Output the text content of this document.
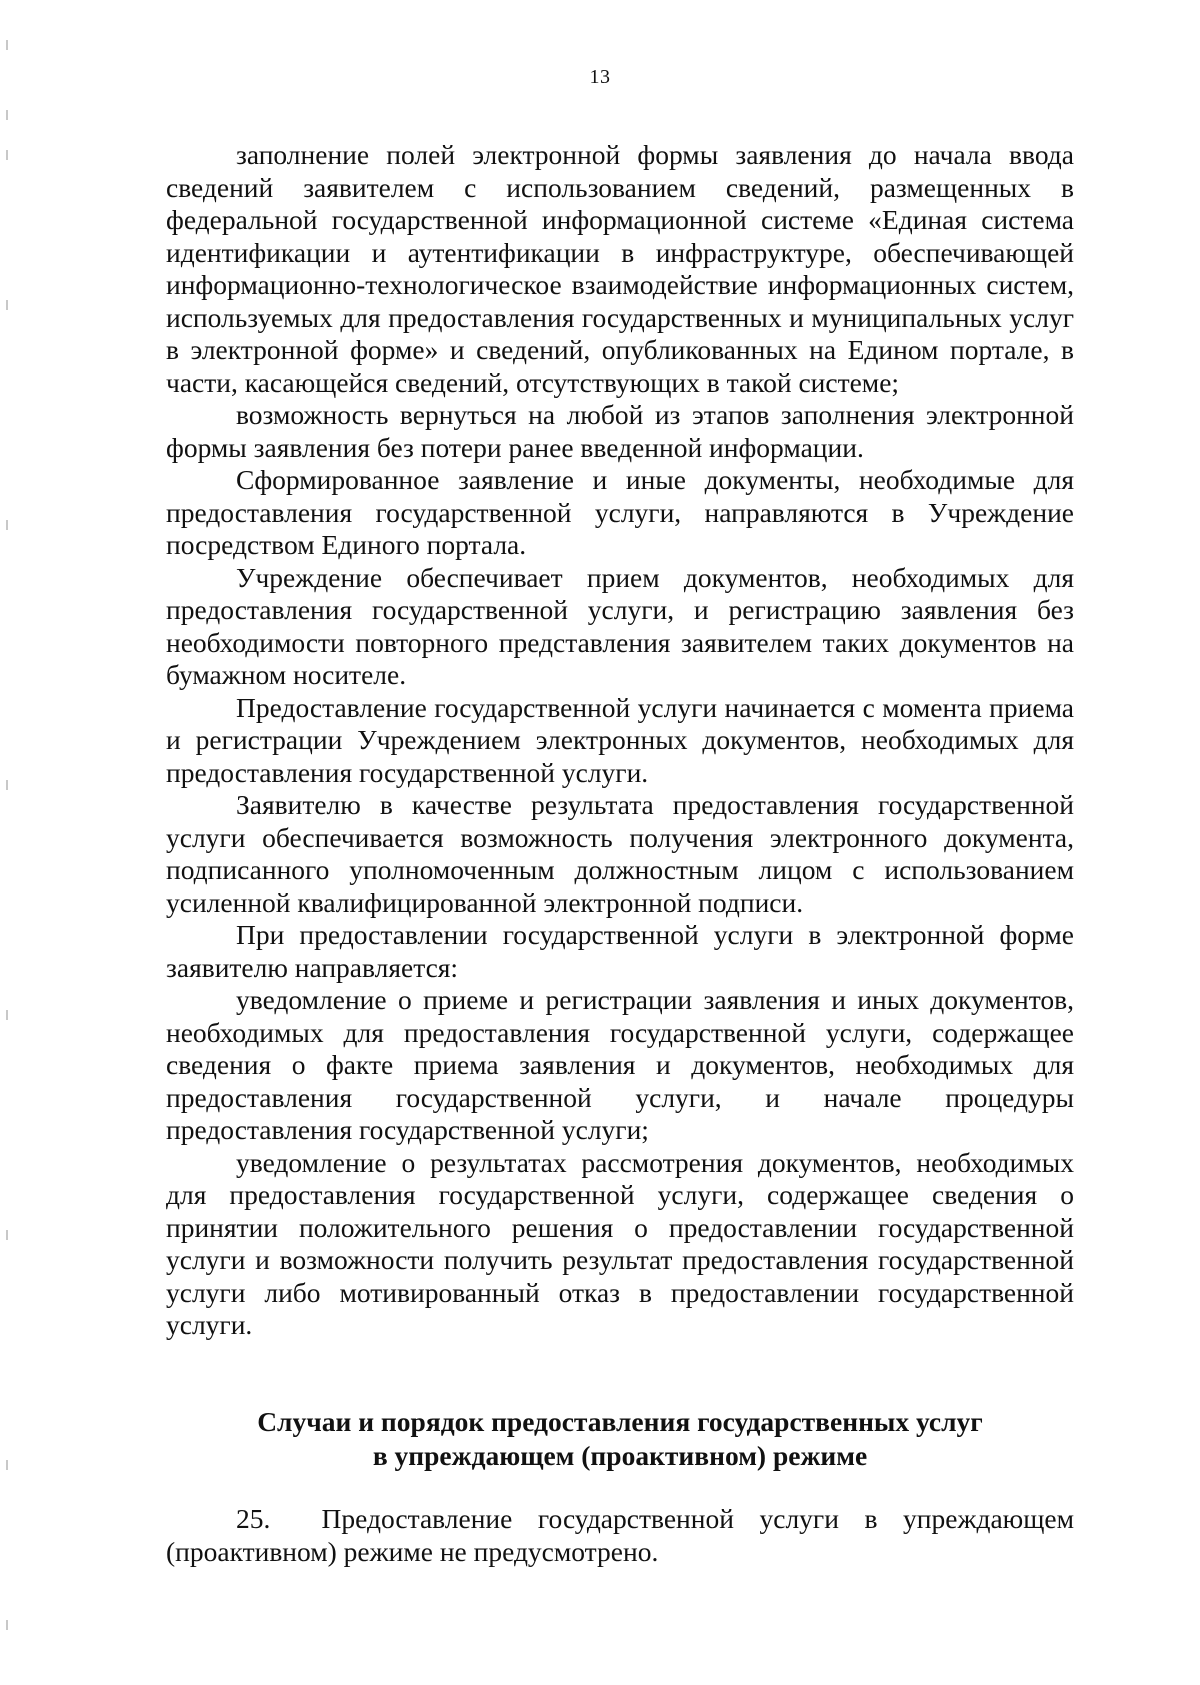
13

заполнение полей электронной формы заявления до начала ввода сведений заявителем с использованием сведений, размещенных в федеральной государственной информационной системе «Единая система идентификации и аутентификации в инфраструктуре, обеспечивающей информационно-технологическое взаимодействие информационных систем, используемых для предоставления государственных и муниципальных услуг в электронной форме» и сведений, опубликованных на Едином портале, в части, касающейся сведений, отсутствующих в такой системе;

возможность вернуться на любой из этапов заполнения электронной формы заявления без потери ранее введенной информации.

Сформированное заявление и иные документы, необходимые для предоставления государственной услуги, направляются в Учреждение посредством Единого портала.

Учреждение обеспечивает прием документов, необходимых для предоставления государственной услуги, и регистрацию заявления без необходимости повторного представления заявителем таких документов на бумажном носителе.

Предоставление государственной услуги начинается с момента приема и регистрации Учреждением электронных документов, необходимых для предоставления государственной услуги.

Заявителю в качестве результата предоставления государственной услуги обеспечивается возможность получения электронного документа, подписанного уполномоченным должностным лицом с использованием усиленной квалифицированной электронной подписи.

При предоставлении государственной услуги в электронной форме заявителю направляется:

уведомление о приеме и регистрации заявления и иных документов, необходимых для предоставления государственной услуги, содержащее сведения о факте приема заявления и документов, необходимых для предоставления государственной услуги, и начале процедуры предоставления государственной услуги;

уведомление о результатах рассмотрения документов, необходимых для предоставления государственной услуги, содержащее сведения о принятии положительного решения о предоставлении государственной услуги и возможности получить результат предоставления государственной услуги либо мотивированный отказ в предоставлении государственной услуги.

Случаи и порядок предоставления государственных услуг
в упреждающем (проактивном) режиме

25.  Предоставление государственной услуги в упреждающем (проактивном) режиме не предусмотрено.
